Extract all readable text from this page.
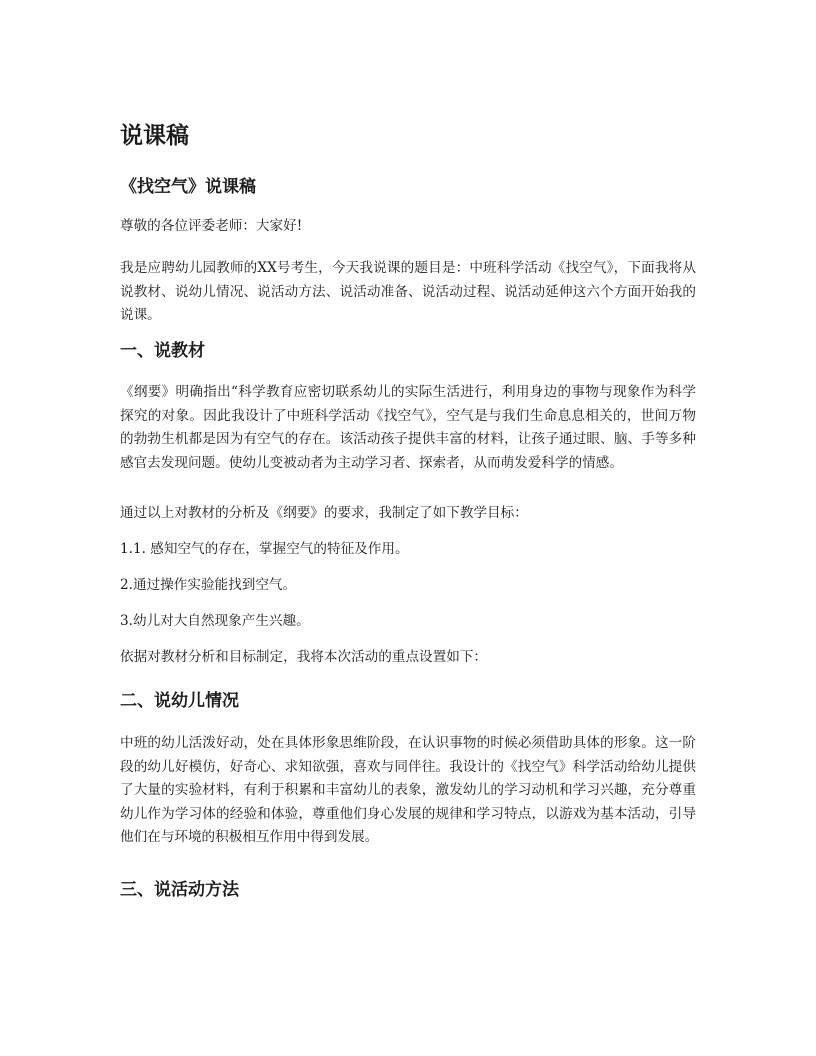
说课稿
《找空气》说课稿

尊敬的各位评委老师：大家好!

我是应聘幼儿园教师的XX号考生，今天我说课的题目是：中班科学活动《找空气》，下面我将从说教材、说幼儿情况、说活动方法、说活动准备、说活动过程、说活动延伸这六个方面开始我的说课。

一、说教材

《纲要》明确指出“科学教育应密切联系幼儿的实际生活进行，利用身边的事物与现象作为科学探究的对象。因此我设计了中班科学活动《找空气》，空气是与我们生命息息相关的，世间万物的勃勃生机都是因为有空气的存在。该活动孩子提供丰富的材料，让孩子通过眼、脑、手等多种感官去发现问题。使幼儿变被动者为主动学习者、探索者，从而萌发爱科学的情感。

通过以上对教材的分析及《纲要》的要求，我制定了如下教学目标：

1.1. 感知空气的存在，掌握空气的特征及作用。

2.通过操作实验能找到空气。

3.幼儿对大自然现象产生兴趣。

依据对教材分析和目标制定，我将本次活动的重点设置如下：

二、说幼儿情况

中班的幼儿活泼好动，处在具体形象思维阶段，在认识事物的时候必须借助具体的形象。这一阶段的幼儿好模仿，好奇心、求知欲强，喜欢与同伴往。我设计的《找空气》科学活动给幼儿提供了大量的实验材料，有利于积累和丰富幼儿的表象，激发幼儿的学习动机和学习兴趣，充分尊重幼儿作为学习体的经验和体验，尊重他们身心发展的规律和学习特点，以游戏为基本活动，引导他们在与环境的积极相互作用中得到发展。

三、说活动方法
